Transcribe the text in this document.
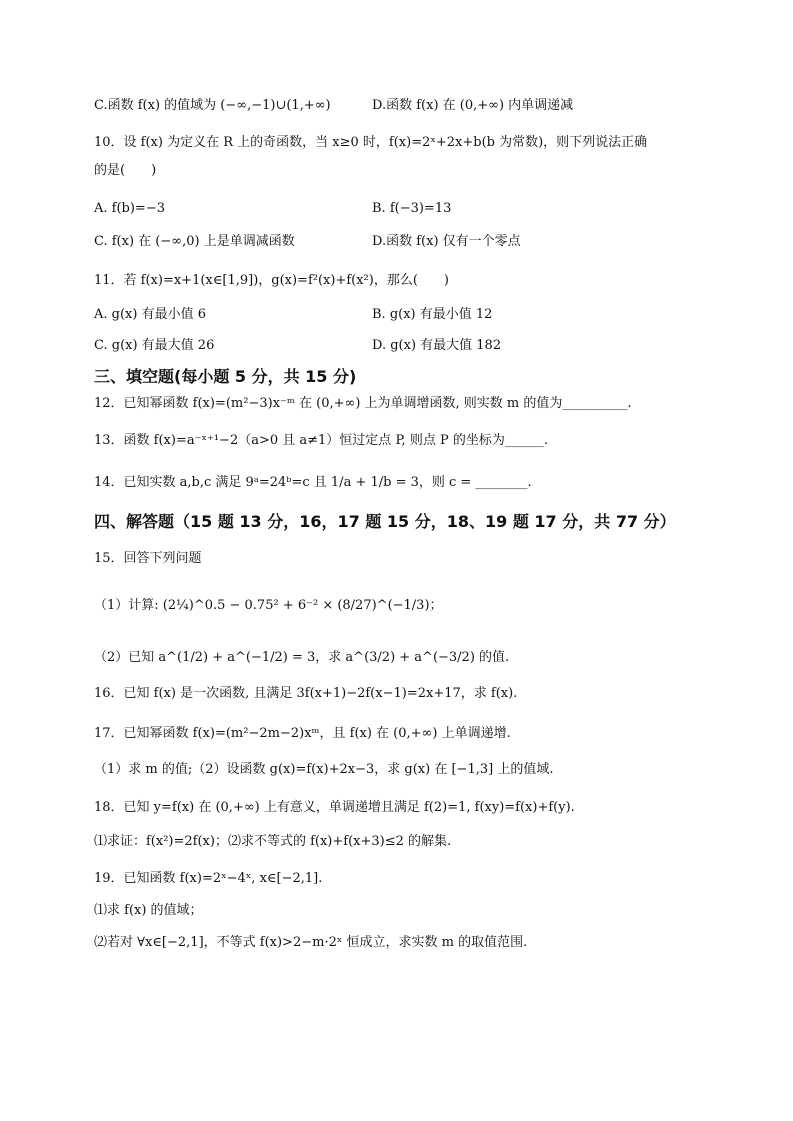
C.函数 f(x) 的值域为 (−∞,−1)∪(1,+∞)	D.函数 f(x) 在 (0,+∞) 内单调递减
10．设 f(x) 为定义在 R 上的奇函数，当 x≥0 时，f(x)=2ˣ+2x+b(b 为常数)，则下列说法正确
的是(　　)
A. f(b)=−3	B. f(−3)=13
C. f(x) 在 (−∞,0) 上是单调减函数	D.函数 f(x) 仅有一个零点
11．若 f(x)=x+1(x∈[1,9])，g(x)=f²(x)+f(x²)，那么(　　)
A. g(x) 有最小值 6	B. g(x) 有最小值 12
C. g(x) 有最大值 26	D. g(x) 有最大值 182
三、填空题(每小题 5 分，共 15 分)
12．已知幂函数 f(x)=(m²−3)x⁻ᵐ 在 (0,+∞) 上为单调增函数, 则实数 m 的值为__________.
13．函数 f(x)=a⁻ˣ⁺¹−2（a>0 且 a≠1）恒过定点 P, 则点 P 的坐标为______.
14．已知实数 a,b,c 满足 9ᵃ=24ᵇ=c 且 1/a + 1/b = 3，则 c = ________.
四、解答题（15 题 13 分，16，17 题 15 分，18、19 题 17 分，共 77 分）
15．回答下列问题
（1）计算: (2¼)^0.5 − 0.75² + 6⁻² × (8/27)^(−1/3)；
（2）已知 a^(1/2) + a^(−1/2) = 3，求 a^(3/2) + a^(−3/2) 的值.
16．已知 f(x) 是一次函数, 且满足 3f(x+1)−2f(x−1)=2x+17，求 f(x).
17．已知幂函数 f(x)=(m²−2m−2)xᵐ，且 f(x) 在 (0,+∞) 上单调递增.
（1）求 m 的值;（2）设函数 g(x)=f(x)+2x−3，求 g(x) 在 [−1,3] 上的值域.
18．已知 y=f(x) 在 (0,+∞) 上有意义，单调递增且满足 f(2)=1, f(xy)=f(x)+f(y).
⑴求证：f(x²)=2f(x)；⑵求不等式的 f(x)+f(x+3)≤2 的解集.
19．已知函数 f(x)=2ˣ−4ˣ, x∈[−2,1].
⑴求 f(x) 的值域；
⑵若对 ∀x∈[−2,1]，不等式 f(x)>2−m·2ˣ 恒成立，求实数 m 的取值范围.
